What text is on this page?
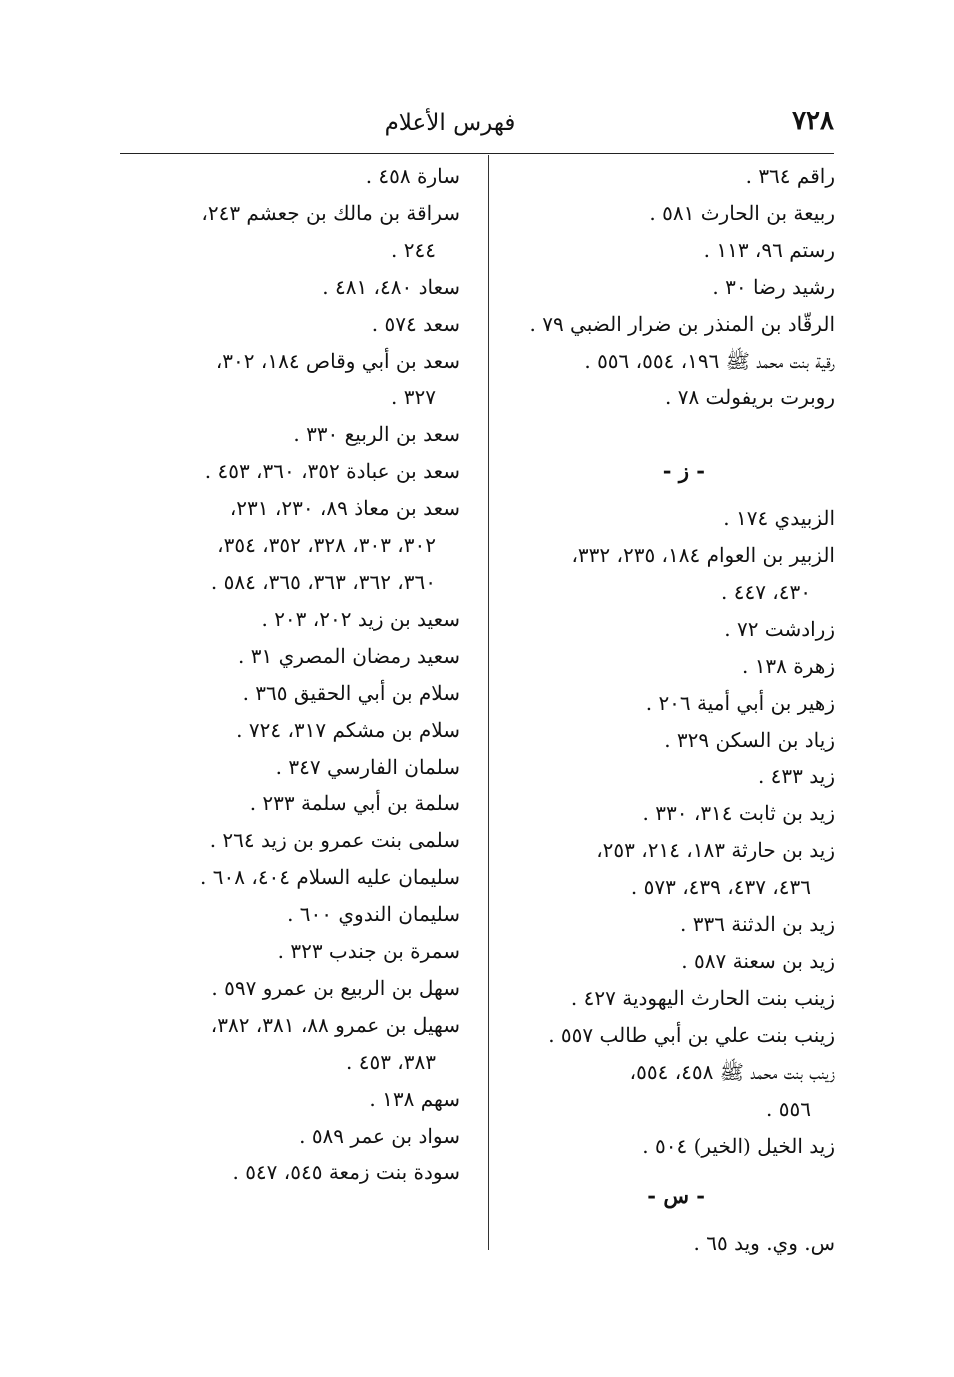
٧٢٨
فهرس الأعلام

راقم ٣٦٤ .

ربيعة بن الحارث ٥٨١ .

رستم ٩٦، ١١٣ .

رشيد رضا ٣٠ .

الرقّاد بن المنذر بن ضرار الضبي ٧٩ .

رقية بنت محمد ﷺ ١٩٦، ٥٥٤، ٥٥٦ .

روبرت بريفولت ٧٨ .

- ز -

الزبيدي ١٧٤ .

الزبير بن العوام ١٨٤، ٢٣٥، ٣٣٢،
٤٣٠، ٤٤٧ .

زرادشت ٧٢ .

زهرة ١٣٨ .

زهير بن أبي أمية ٢٠٦ .

زياد بن السكن ٣٢٩ .

زيد ٤٣٣ .

زيد بن ثابت ٣١٤، ٣٣٠ .

زيد بن حارثة ١٨٣، ٢١٤، ٢٥٣،
٤٣٦، ٤٣٧، ٤٣٩، ٥٧٣ .

زيد بن الدثنة ٣٣٦ .

زيد بن سعنة ٥٨٧ .

زينب بنت الحارث اليهودية ٤٢٧ .

زينب بنت علي بن أبي طالب ٥٥٧ .

زينب بنت محمد ﷺ ٤٥٨، ٥٥٤،
٥٥٦ .

زيد الخيل (الخير) ٥٠٤ .

- س -

س. وي. ويد ٦٥ .

سارة ٤٥٨ .

سراقة بن مالك بن جعشم ٢٤٣،
٢٤٤ .

سعاد ٤٨٠، ٤٨١ .

سعد ٥٧٤ .

سعد بن أبي وقاص ١٨٤، ٣٠٢،
٣٢٧ .

سعد بن الربيع ٣٣٠ .

سعد بن عبادة ٣٥٢، ٣٦٠، ٤٥٣ .

سعد بن معاذ ٨٩، ٢٣٠، ٢٣١،
٣٠٢، ٣٠٣، ٣٢٨، ٣٥٢، ٣٥٤،
٣٦٠، ٣٦٢، ٣٦٣، ٣٦٥، ٥٨٤ .

سعيد بن زيد ٢٠٢، ٢٠٣ .

سعيد رمضان المصري ٣١ .

سلام بن أبي الحقيق ٣٦٥ .

سلام بن مشكم ٣١٧، ٧٢٤ .

سلمان الفارسي ٣٤٧ .

سلمة بن أبي سلمة ٢٣٣ .

سلمى بنت عمرو بن زيد ٢٦٤ .

سليمان عليه السلام ٤٠٤، ٦٠٨ .

سليمان الندوي ٦٠٠ .

سمرة بن جندب ٣٢٣ .

سهل بن الربيع بن عمرو ٥٩٧ .

سهيل بن عمرو ٨٨، ٣٨١، ٣٨٢،
٣٨٣، ٤٥٣ .

سهم ١٣٨ .

سواد بن عمر ٥٨٩ .

سودة بنت زمعة ٥٤٥، ٥٤٧ .
